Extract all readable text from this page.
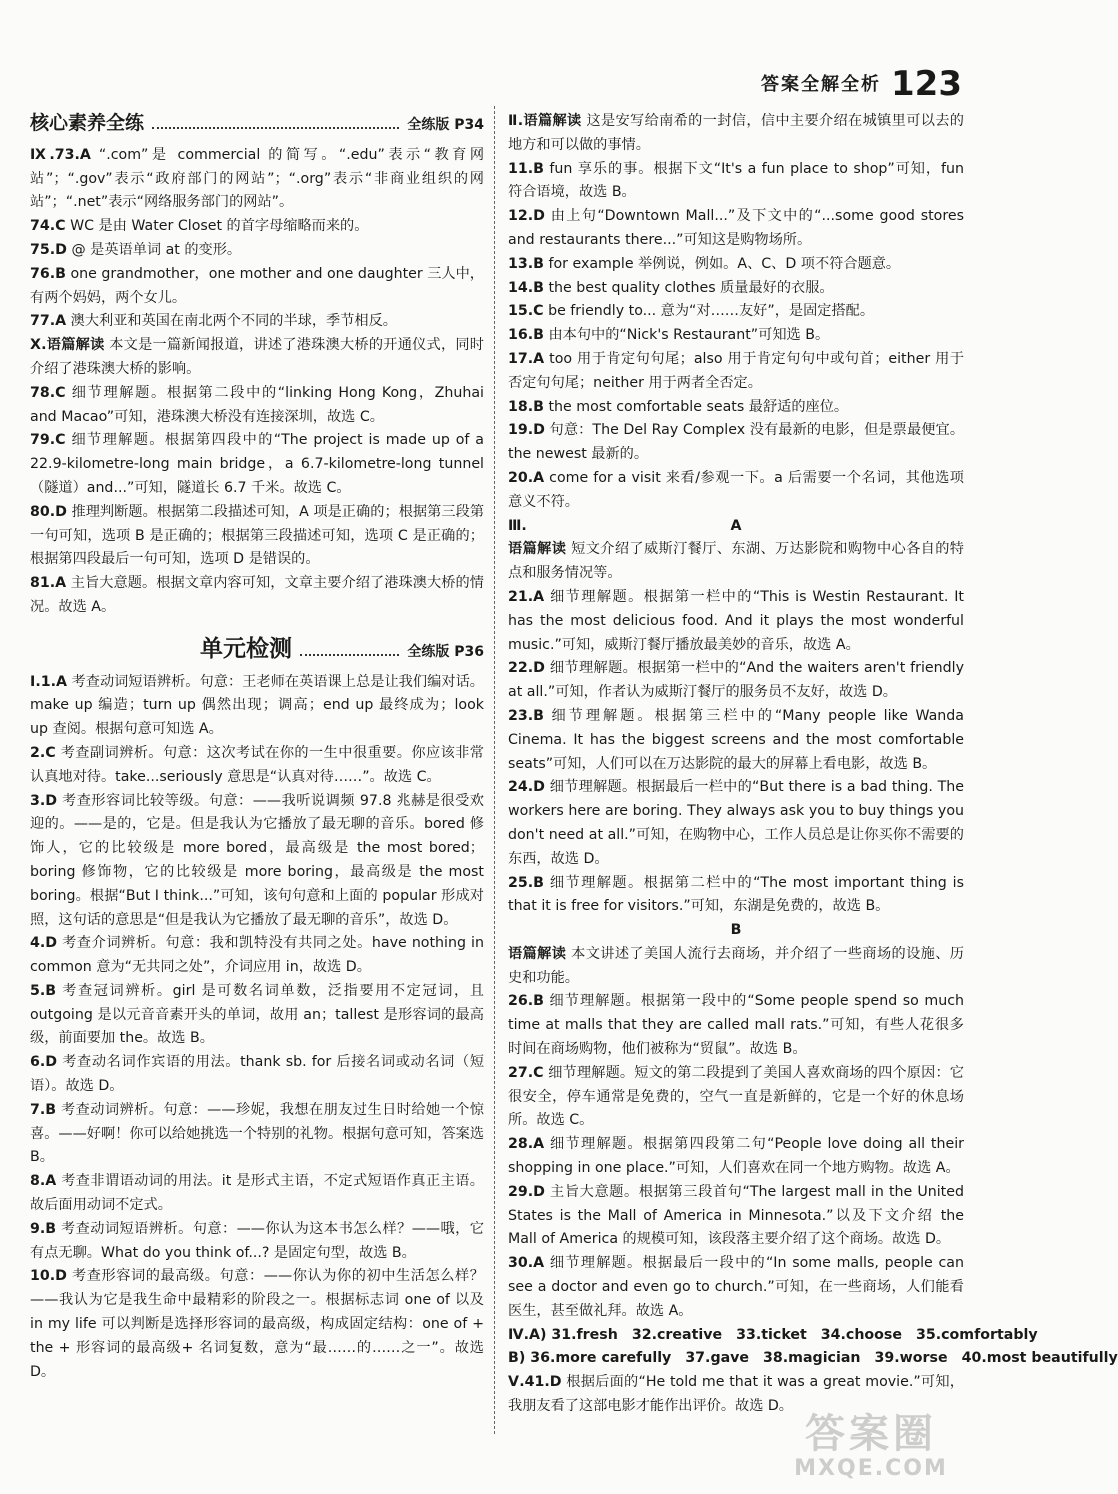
答案全解全析 123
核心素养全练	全练版 P34

Ⅸ.73.A “.com”是 commercial 的简写。“.edu”表示“教育网站”；“.gov”表示“政府部门的网站”；“.org”表示“非商业组织的网站”；“.net”表示“网络服务部门的网站”。

74.C WC 是由 Water Closet 的首字母缩略而来的。

75.D @ 是英语单词 at 的变形。

76.B one grandmother，one mother and one daughter 三人中，有两个妈妈，两个女儿。

77.A 澳大利亚和英国在南北两个不同的半球，季节相反。

Ⅹ.语篇解读 本文是一篇新闻报道，讲述了港珠澳大桥的开通仪式，同时介绍了港珠澳大桥的影响。

78.C 细节理解题。根据第二段中的“linking Hong Kong，Zhuhai and Macao”可知，港珠澳大桥没有连接深圳，故选 C。

79.C 细节理解题。根据第四段中的“The project is made up of a 22.9-kilometre-long main bridge，a 6.7-kilometre-long tunnel（隧道）and...”可知，隧道长 6.7 千米。故选 C。

80.D 推理判断题。根据第二段描述可知，A 项是正确的；根据第三段第一句可知，选项 B 是正确的；根据第三段描述可知，选项 C 是正确的；根据第四段最后一句可知，选项 D 是错误的。

81.A 主旨大意题。根据文章内容可知，文章主要介绍了港珠澳大桥的情况。故选 A。

单元检测	全练版 P36

Ⅰ.1.A 考查动词短语辨析。句意：王老师在英语课上总是让我们编对话。make up 编造；turn up 偶然出现；调高；end up 最终成为；look up 查阅。根据句意可知选 A。

2.C 考查副词辨析。句意：这次考试在你的一生中很重要。你应该非常认真地对待。take...seriously 意思是“认真对待……”。故选 C。

3.D 考查形容词比较等级。句意：——我听说调频 97.8 兆赫是很受欢迎的。——是的，它是。但是我认为它播放了最无聊的音乐。bored 修饰人，它的比较级是 more bored，最高级是 the most bored；boring 修饰物，它的比较级是 more boring，最高级是 the most boring。根据“But I think...”可知，该句句意和上面的 popular 形成对照，这句话的意思是“但是我认为它播放了最无聊的音乐”，故选 D。

4.D 考查介词辨析。句意：我和凯特没有共同之处。have nothing in common 意为“无共同之处”，介词应用 in，故选 D。

5.B 考查冠词辨析。girl 是可数名词单数，泛指要用不定冠词，且 outgoing 是以元音音素开头的单词，故用 an；tallest 是形容词的最高级，前面要加 the。故选 B。

6.D 考查动名词作宾语的用法。thank sb. for 后接名词或动名词（短语）。故选 D。

7.B 考查动词辨析。句意：——珍妮，我想在朋友过生日时给她一个惊喜。——好啊！你可以给她挑选一个特别的礼物。根据句意可知，答案选 B。

8.A 考查非谓语动词的用法。it 是形式主语，不定式短语作真正主语。故后面用动词不定式。

9.B 考查动词短语辨析。句意：——你认为这本书怎么样？——哦，它有点无聊。What do you think of...? 是固定句型，故选 B。

10.D 考查形容词的最高级。句意：——你认为你的初中生活怎么样？——我认为它是我生命中最精彩的阶段之一。根据标志词 one of 以及 in my life 可以判断是选择形容词的最高级，构成固定结构：one of + the + 形容词的最高级+ 名词复数，意为“最……的……之一”。故选 D。

Ⅱ.语篇解读 这是安写给南希的一封信，信中主要介绍在城镇里可以去的地方和可以做的事情。

11.B fun 享乐的事。根据下文“It's a fun place to shop”可知，fun 符合语境，故选 B。

12.D 由上句“Downtown Mall...”及下文中的“...some good stores and restaurants there...”可知这是购物场所。

13.B for example 举例说，例如。A、C、D 项不符合题意。

14.B the best quality clothes 质量最好的衣服。

15.C be friendly to... 意为“对……友好”，是固定搭配。

16.B 由本句中的“Nick's Restaurant”可知选 B。

17.A too 用于肯定句句尾；also 用于肯定句句中或句首；either 用于否定句句尾；neither 用于两者全否定。

18.B the most comfortable seats 最舒适的座位。

19.D 句意：The Del Ray Complex 没有最新的电影，但是票最便宜。the newest 最新的。

20.A come for a visit 来看/参观一下。a 后需要一个名词，其他选项意义不符。

Ⅲ.	A

语篇解读 短文介绍了威斯汀餐厅、东湖、万达影院和购物中心各自的特点和服务情况等。

21.A 细节理解题。根据第一栏中的“This is Westin Restaurant. It has the most delicious food. And it plays the most wonderful music.”可知，威斯汀餐厅播放最美妙的音乐，故选 A。

22.D 细节理解题。根据第一栏中的“And the waiters aren't friendly at all.”可知，作者认为威斯汀餐厅的服务员不友好，故选 D。

23.B 细节理解题。根据第三栏中的“Many people like Wanda Cinema. It has the biggest screens and the most comfortable seats”可知，人们可以在万达影院的最大的屏幕上看电影，故选 B。

24.D 细节理解题。根据最后一栏中的“But there is a bad thing. The workers here are boring. They always ask you to buy things you don't need at all.”可知，在购物中心，工作人员总是让你买你不需要的东西，故选 D。

25.B 细节理解题。根据第二栏中的“The most important thing is that it is free for visitors.”可知，东湖是免费的，故选 B。

B

语篇解读 本文讲述了美国人流行去商场，并介绍了一些商场的设施、历史和功能。

26.B 细节理解题。根据第一段中的“Some people spend so much time at malls that they are called mall rats.”可知，有些人花很多时间在商场购物，他们被称为“贸鼠”。故选 B。

27.C 细节理解题。短文的第二段提到了美国人喜欢商场的四个原因：它很安全，停车通常是免费的，空气一直是新鲜的，它是一个好的休息场所。故选 C。

28.A 细节理解题。根据第四段第二句“People love doing all their shopping in one place.”可知，人们喜欢在同一个地方购物。故选 A。

29.D 主旨大意题。根据第三段首句“The largest mall in the United States is the Mall of America in Minnesota.”以及下文介绍 the Mall of America 的规模可知，该段落主要介绍了这个商场。故选 D。

30.A 细节理解题。根据最后一段中的“In some malls, people can see a doctor and even go to church.”可知，在一些商场，人们能看医生，甚至做礼拜。故选 A。

Ⅳ.A) 31.fresh 32.creative 33.ticket 34.choose 35.comfortably
B) 36.more carefully 37.gave 38.magician 39.worse 40.most beautifully

Ⅴ.41.D 根据后面的“He told me that it was a great movie.”可知，我朋友看了这部电影才能作出评价。故选 D。

答案圈
MXQE.COM
